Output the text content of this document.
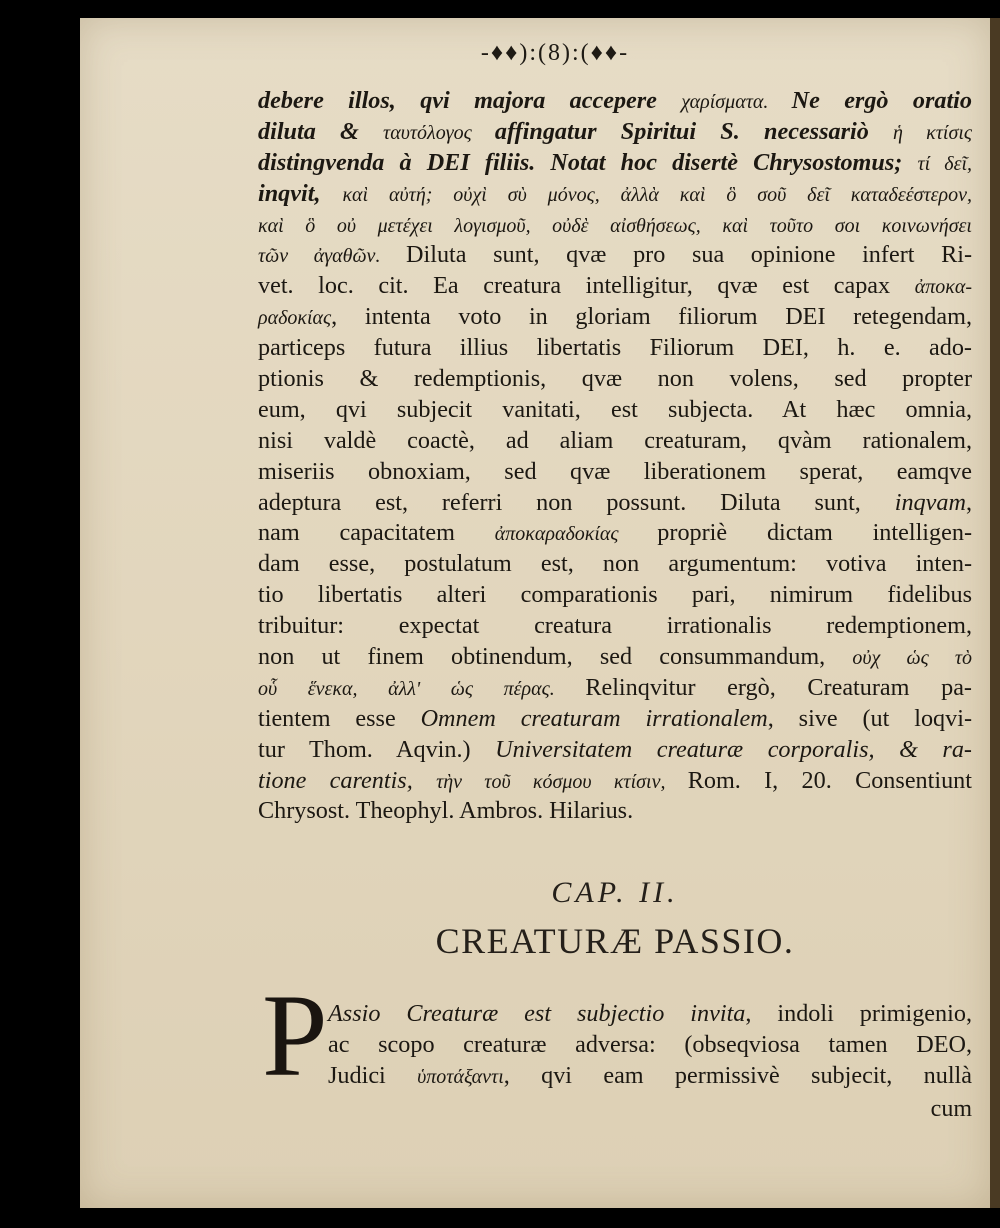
-♦♦):(8):(♦♦-
debere illos, qvi majora accepere χαρίσματα. Ne ergò oratio
diluta & ταυτόλογος affingatur Spiritui S. necessariò ἡ κτίσις
distingvenda à DEI filiis. Notat hoc disertè Chrysostomus; τί δεῖ,
inqvit, καὶ αὐτή; οὐχὶ σὺ μόνος, ἀλλὰ καὶ ὃ σοῦ δεῖ καταδεέστερον,
καὶ ὃ οὐ μετέχει λογισμοῦ, οὐδὲ αἰσθήσεως, καὶ τοῦτο σοι κοινωνήσει
τῶν ἀγαθῶν. Diluta sunt, qvæ pro sua opinione infert Ri-
vet. loc. cit. Ea creatura intelligitur, qvæ est capax ἀποκα-
ραδοκίας, intenta voto in gloriam filiorum DEI retegendam,
particeps futura illius libertatis Filiorum DEI, h. e. ado-
ptionis & redemptionis, qvæ non volens, sed propter
eum, qvi subjecit vanitati, est subjecta. At hæc omnia,
nisi valdè coactè, ad aliam creaturam, qvàm rationalem,
miseriis obnoxiam, sed qvæ liberationem sperat, eamqve
adeptura est, referri non possunt. Diluta sunt, inqvam,
nam capacitatem ἀποκαραδοκίας propriè dictam intelligen-
dam esse, postulatum est, non argumentum: votiva inten-
tio libertatis alteri comparationis pari, nimirum fidelibus
tribuitur: expectat creatura irrationalis redemptionem,
non ut finem obtinendum, sed consummandum, οὐχ ὡς τὸ
οὗ ἕνεκα, ἀλλ' ὡς πέρας. Relinqvitur ergò, Creaturam pa-
tientem esse Omnem creaturam irrationalem, sive (ut loqvi-
tur Thom. Aqvin.) Universitatem creaturæ corporalis, & ra-
tione carentis, τὴν τοῦ κόσμου κτίσιν, Rom. I, 20. Consentiunt
Chrysost. Theophyl. Ambros. Hilarius.
CAP. II.
CREATURÆ PASSIO.
P Assio Creaturæ est subjectio invita, indoli primigenio,
ac scopo creaturæ adversa: (obseqviosa tamen DEO,
Judici ὑποτάξαντι, qvi eam permissivè subjecit, nullà
cum
